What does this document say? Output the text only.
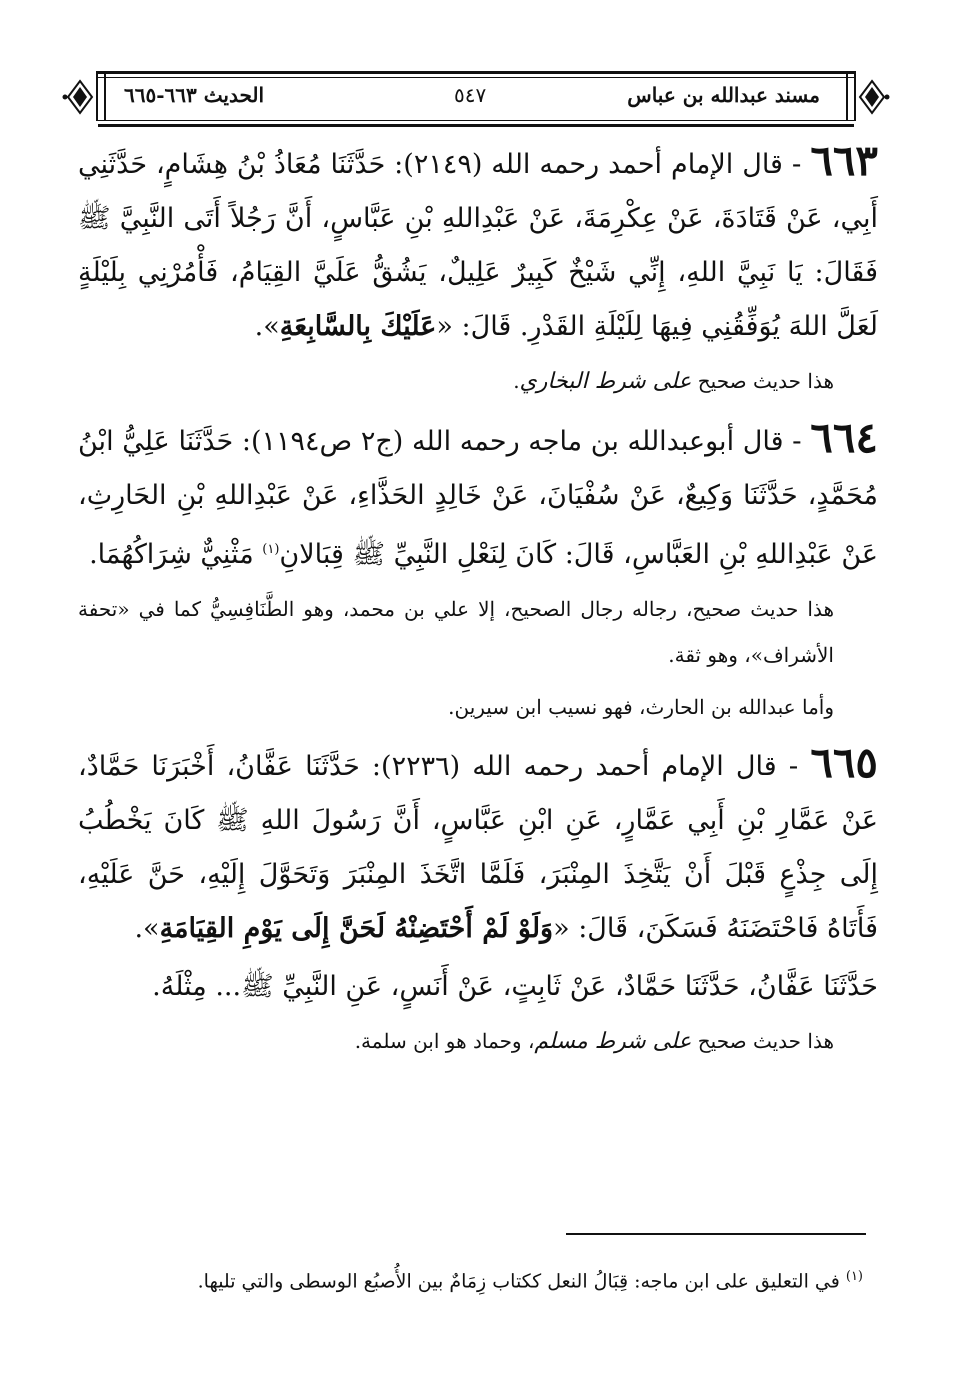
مسند عبدالله بن عباس
٥٤٧
الحديث ٦٦٣-٦٦٥

٦٦٣ - قال الإمام أحمد رحمه الله (٢١٤٩): حَدَّثَنَا مُعَاذُ بْنُ هِشَامٍ، حَدَّثَنِي أَبِي، عَنْ قَتَادَةَ، عَنْ عِكْرِمَةَ، عَنْ عَبْدِاللهِ بْنِ عَبَّاسٍ، أَنَّ رَجُلاً أَتَى النَّبِيَّ ﷺ فَقَالَ: يَا نَبِيَّ اللهِ، إِنِّي شَيْخٌ كَبِيرٌ عَلِيلٌ، يَشُقُّ عَلَيَّ القِيَامُ، فَأْمُرْنِي بِلَيْلَةٍ لَعَلَّ اللهَ يُوَفِّقُنِي فِيهَا لِلَيْلَةِ القَدْرِ. قَالَ: «عَلَيْكَ بِالسَّابِعَةِ».

هذا حديث صحيح على شرط البخاري.

٦٦٤ - قال أبوعبدالله بن ماجه رحمه الله (ج٢ ص١١٩٤): حَدَّثَنَا عَلِيُّ ابْنُ مُحَمَّدٍ، حَدَّثَنَا وَكِيعٌ، عَنْ سُفْيَانَ، عَنْ خَالِدٍ الحَذَّاءِ، عَنْ عَبْدِاللهِ بْنِ الحَارِثِ، عَنْ عَبْدِاللهِ بْنِ العَبَّاسِ، قَالَ: كَانَ لِنَعْلِ النَّبِيِّ ﷺ قِبَالانِ$^{(١)}$ مَثْنِيٌّ شِرَاكُهُمَا.

هذا حديث صحيح، رجاله رجال الصحيح، إلا علي بن محمد، وهو الطَّنَافِسِيُّ كما في «تحفة الأشراف»، وهو ثقة.

وأما عبدالله بن الحارث، فهو نسيب ابن سيرين.

٦٦٥ - قال الإمام أحمد رحمه الله (٢٢٣٦): حَدَّثَنَا عَفَّانُ، أَخْبَرَنَا حَمَّادٌ، عَنْ عَمَّارِ بْنِ أَبِي عَمَّارٍ، عَنِ ابْنِ عَبَّاسٍ، أَنَّ رَسُولَ اللهِ ﷺ كَانَ يَخْطُبُ إِلَى جِذْعٍ قَبْلَ أَنْ يَتَّخِذَ المِنْبَرَ، فَلَمَّا اتَّخَذَ المِنْبَرَ وَتَحَوَّلَ إِلَيْهِ، حَنَّ عَلَيْهِ، فَأَتَاهُ فَاحْتَضَنَهُ فَسَكَنَ، قَالَ: «وَلَوْ لَمْ أَحْتَضِنْهُ لَحَنَّ إِلَى يَوْمِ القِيَامَةِ».

حَدَّثَنَا عَفَّانُ، حَدَّثَنَا حَمَّادٌ، عَنْ ثَابِتٍ، عَنْ أَنَسٍ، عَنِ النَّبِيِّ ﷺ... مِثْلَهُ.

هذا حديث صحيح على شرط مسلم، وحماد هو ابن سلمة.

$^{(١)}$ في التعليق على ابن ماجه: قِبَالُ النعل ككتاب زِمَامٌ بين الأُصبُع الوسطى والتي تليها.
